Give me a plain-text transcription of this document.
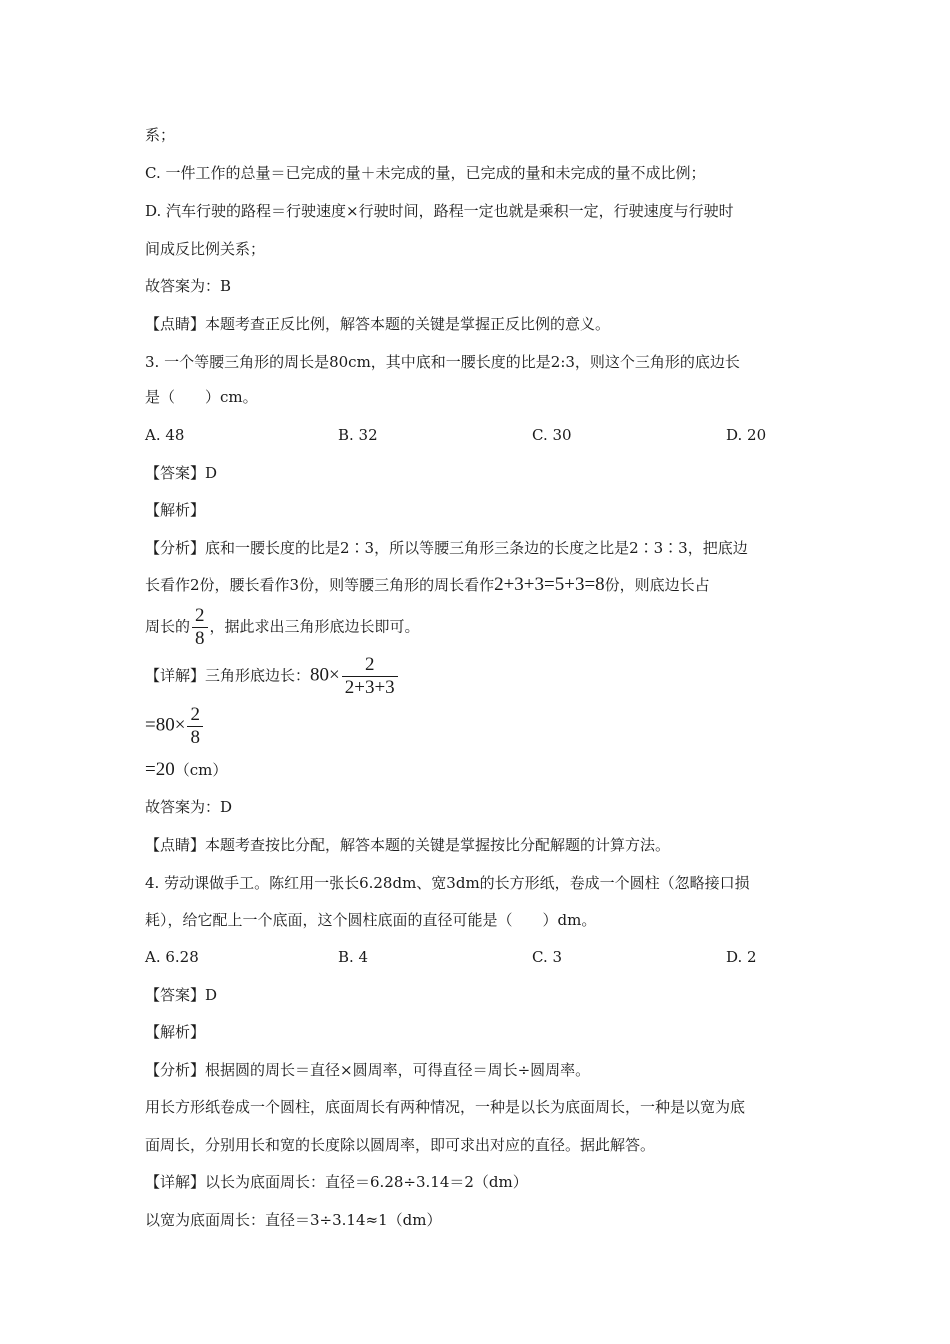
系；
C. 一件工作的总量＝已完成的量＋未完成的量，已完成的量和未完成的量不成比例；
D. 汽车行驶的路程＝行驶速度×行驶时间，路程一定也就是乘积一定，行驶速度与行驶时
间成反比例关系；
故答案为：B
【点睛】本题考查正反比例，解答本题的关键是掌握正反比例的意义。
3. 一个等腰三角形的周长是80cm，其中底和一腰长度的比是2:3，则这个三角形的底边长
是（　　）cm。
A. 48	B. 32	C. 30	D. 20
【答案】D
【解析】
【分析】底和一腰长度的比是2∶3，所以等腰三角形三条边的长度之比是2∶3∶3，把底边
长看作2份，腰长看作3份，则等腰三角形的周长看作2+3+3=5+3=8份，则底边长占
周长的 $\frac{2}{8}$ ，据此求出三角形底边长即可。
【详解】三角形底边长：$80\times \frac{2}{2+3+3}$
$=80\times \frac{2}{8}$
=20（cm）
故答案为：D
【点睛】本题考查按比分配，解答本题的关键是掌握按比分配解题的计算方法。
4. 劳动课做手工。陈红用一张长6.28dm、宽3dm的长方形纸，卷成一个圆柱（忽略接口损
耗），给它配上一个底面，这个圆柱底面的直径可能是（　　）dm。
A. 6.28	B. 4	C. 3	D. 2
【答案】D
【解析】
【分析】根据圆的周长＝直径×圆周率，可得直径＝周长÷圆周率。
用长方形纸卷成一个圆柱，底面周长有两种情况，一种是以长为底面周长，一种是以宽为底
面周长，分别用长和宽的长度除以圆周率，即可求出对应的直径。据此解答。
【详解】以长为底面周长：直径＝6.28÷3.14＝2（dm）
以宽为底面周长：直径＝3÷3.14≈1（dm）
